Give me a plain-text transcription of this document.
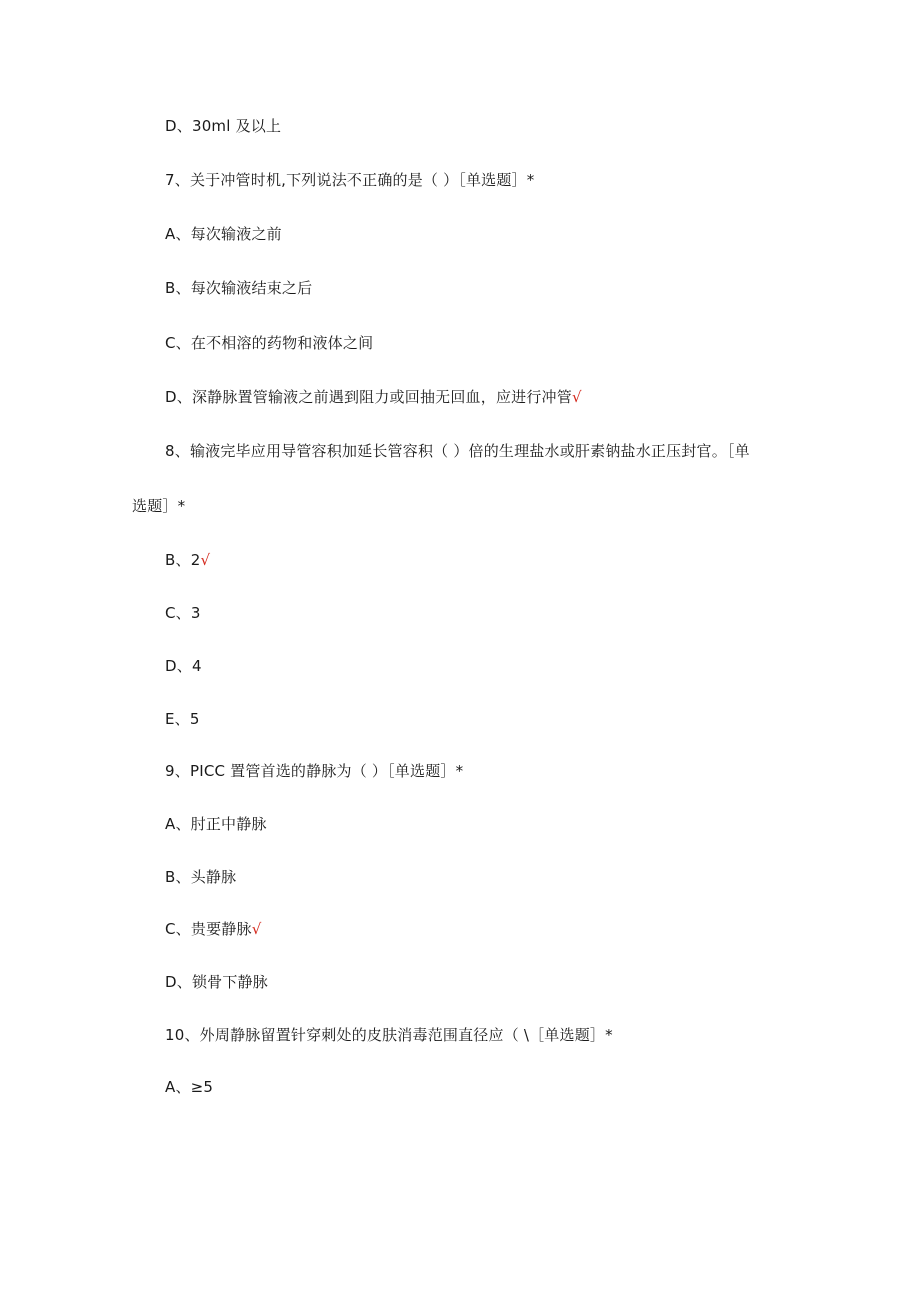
D、30ml 及以上
7、关于冲管时机,下列说法不正确的是（ ）［单选题］*
A、每次输液之前
B、每次输液结束之后
C、在不相溶的药物和液体之间
D、深静脉置管输液之前遇到阻力或回抽无回血，应进行冲管√
8、输液完毕应用导管容积加延长管容积（ ）倍的生理盐水或肝素钠盐水正压封官。［单
选题］*
B、2√
C、3
D、4
E、5
9、PICC 置管首选的静脉为（ ）［单选题］*
A、肘正中静脉
B、头静脉
C、贵要静脉√
D、锁骨下静脉
10、外周静脉留置针穿刺处的皮肤消毒范围直径应（ \［单选题］*
A、≥5
